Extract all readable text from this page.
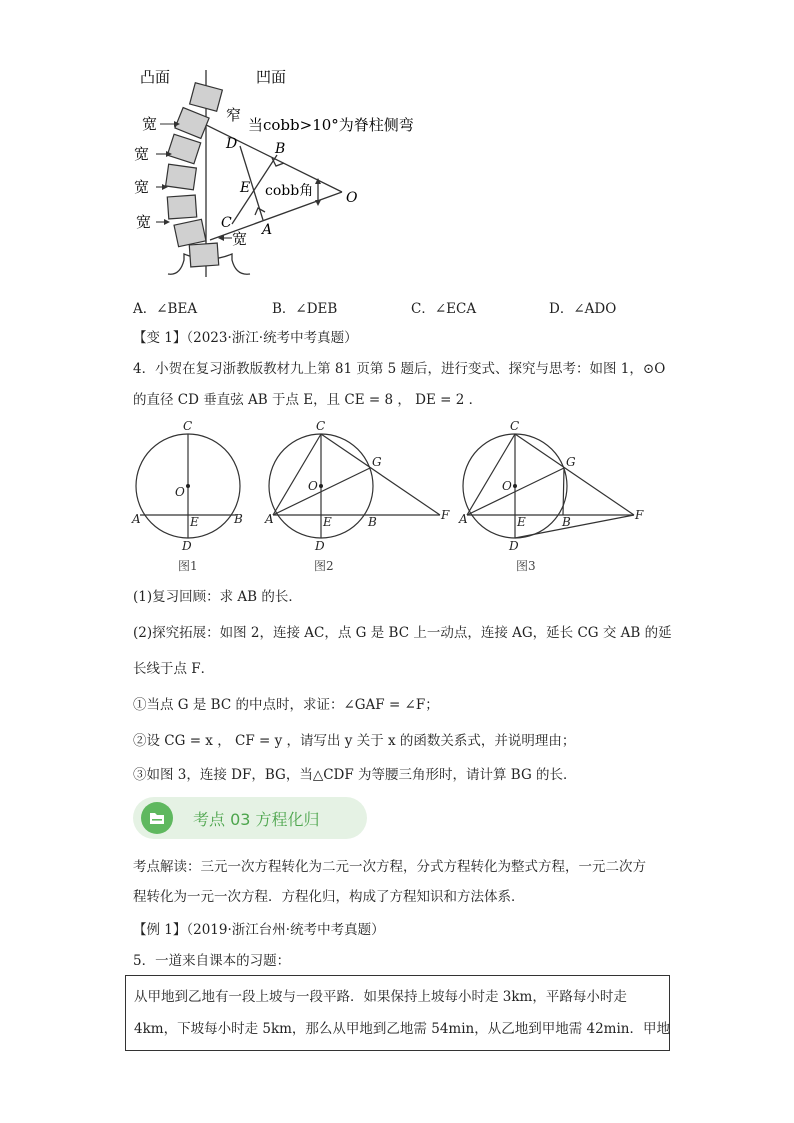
凸面	凹面
宽
宽
宽
宽
宽
窄
当cobb>10°为脊柱侧弯
cobb角
D	B
E
O
C A
A．∠BEA	B．∠DEB	C．∠ECA	D．∠ADO
【变 1】（2023·浙江·统考中考真题）
4．小贺在复习浙教版教材九上第 81 页第 5 题后，进行变式、探究与思考：如图 1，⊙O
的直径 CD 垂直弦 AB 于点 E，且 CE = 8 ， DE = 2 ．
C
O
A	E	B
D
C
O
G
A	E	B	F
D
C
O
G
A	E	B	F
D
图1	图2	图3
(1)复习回顾：求 AB 的长．
(2)探究拓展：如图 2，连接 AC，点 G 是 BC 上一动点，连接 AG，延长 CG 交 AB 的延
长线于点 F．
①当点 G 是 BC 的中点时，求证：∠GAF = ∠F；
②设 CG = x ， CF = y ，请写出 y 关于 x 的函数关系式，并说明理由；
③如图 3，连接 DF，BG，当△CDF 为等腰三角形时，请计算 BG 的长．
考点 03 方程化归
考点解读：三元一次方程转化为二元一次方程，分式方程转化为整式方程，一元二次方
程转化为一元一次方程．方程化归，构成了方程知识和方法体系．
【例 1】（2019·浙江台州·统考中考真题）
5．一道来自课本的习题：
从甲地到乙地有一段上坡与一段平路．如果保持上坡每小时走 3km，平路每小时走
4km，下坡每小时走 5km，那么从甲地到乙地需 54min，从乙地到甲地需 42min．甲地
